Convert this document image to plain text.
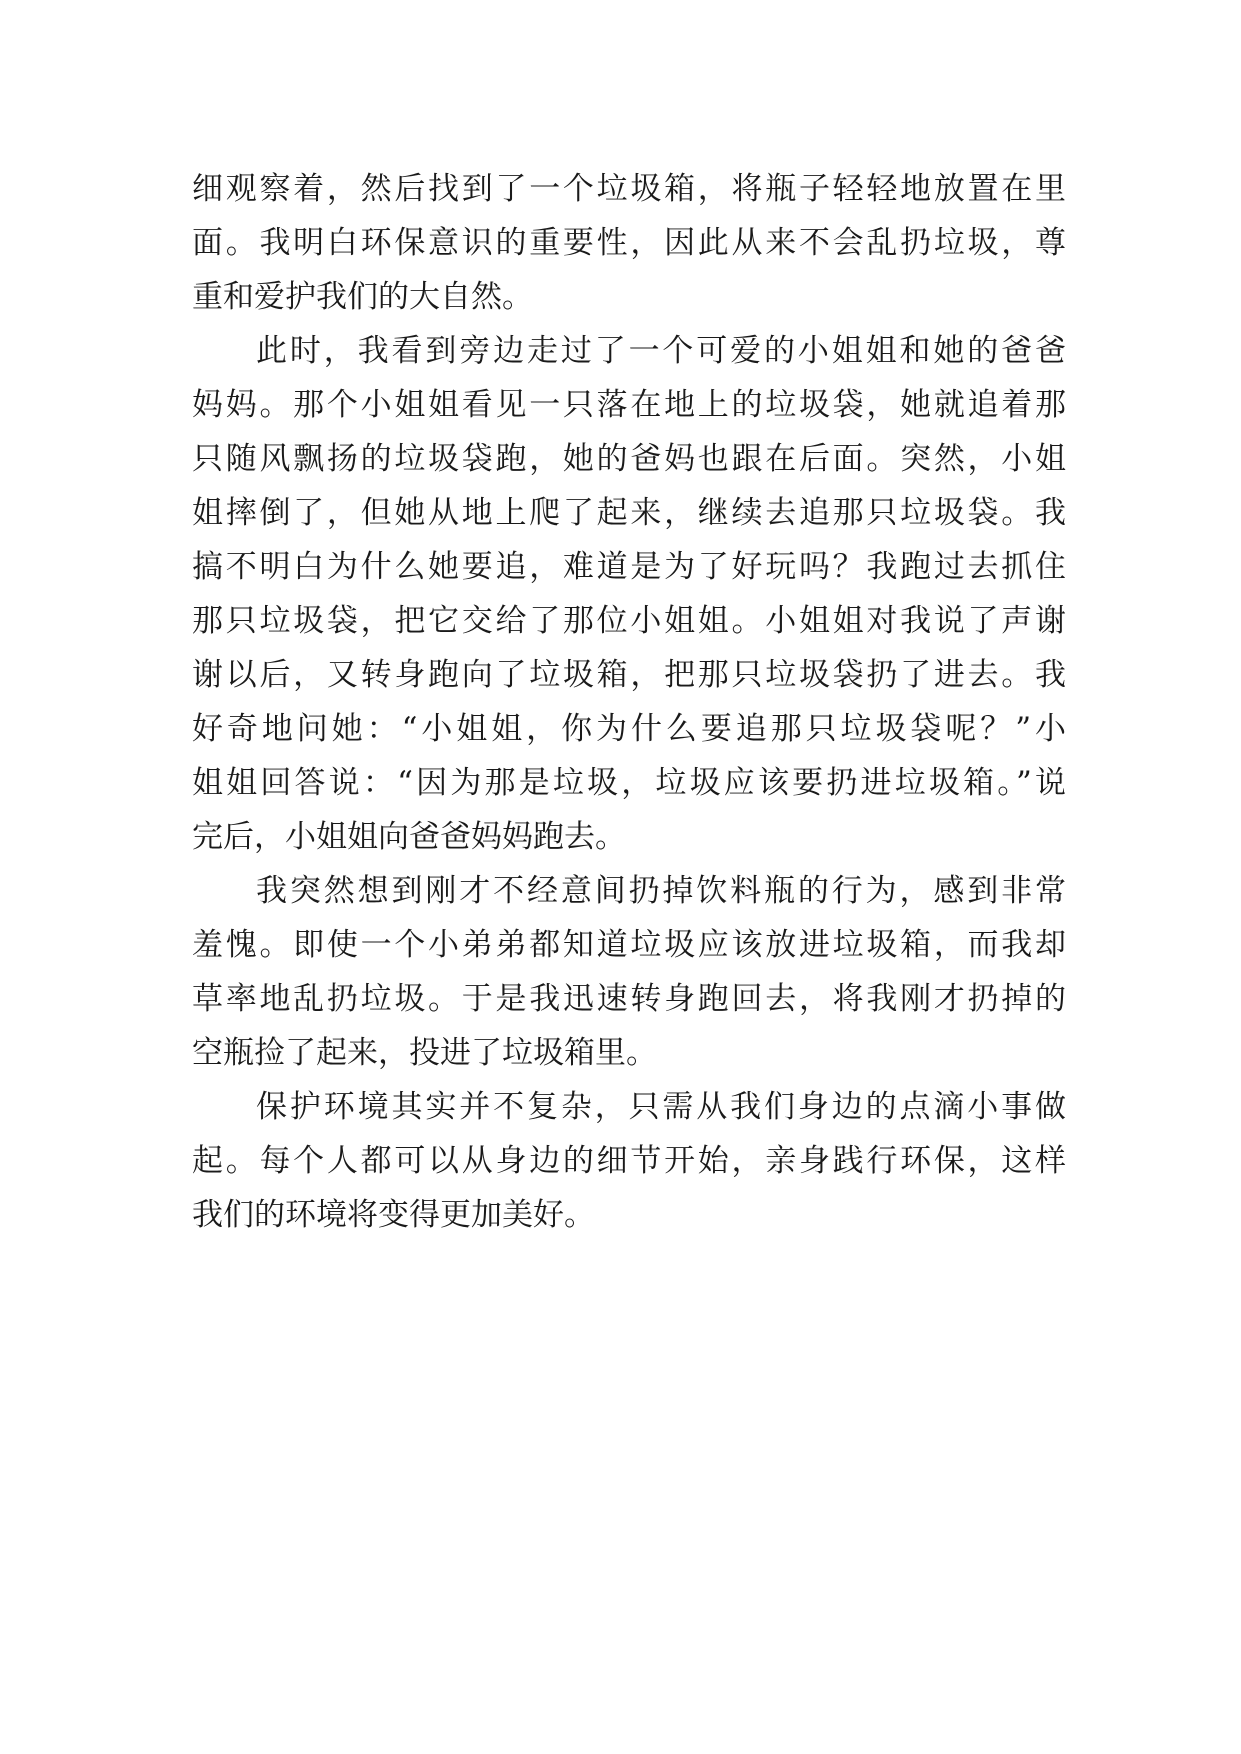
细观察着，然后找到了一个垃圾箱，将瓶子轻轻地放置在里
面。我明白环保意识的重要性，因此从来不会乱扔垃圾，尊
重和爱护我们的大自然。
此时，我看到旁边走过了一个可爱的小姐姐和她的爸爸
妈妈。那个小姐姐看见一只落在地上的垃圾袋，她就追着那
只随风飘扬的垃圾袋跑，她的爸妈也跟在后面。突然，小姐
姐摔倒了，但她从地上爬了起来，继续去追那只垃圾袋。我
搞不明白为什么她要追，难道是为了好玩吗？我跑过去抓住
那只垃圾袋，把它交给了那位小姐姐。小姐姐对我说了声谢
谢以后，又转身跑向了垃圾箱，把那只垃圾袋扔了进去。我
好奇地问她：“小姐姐，你为什么要追那只垃圾袋呢？”小
姐姐回答说：“因为那是垃圾，垃圾应该要扔进垃圾箱。”说
完后，小姐姐向爸爸妈妈跑去。
我突然想到刚才不经意间扔掉饮料瓶的行为，感到非常
羞愧。即使一个小弟弟都知道垃圾应该放进垃圾箱，而我却
草率地乱扔垃圾。于是我迅速转身跑回去，将我刚才扔掉的
空瓶捡了起来，投进了垃圾箱里。
保护环境其实并不复杂，只需从我们身边的点滴小事做
起。每个人都可以从身边的细节开始，亲身践行环保，这样
我们的环境将变得更加美好。
